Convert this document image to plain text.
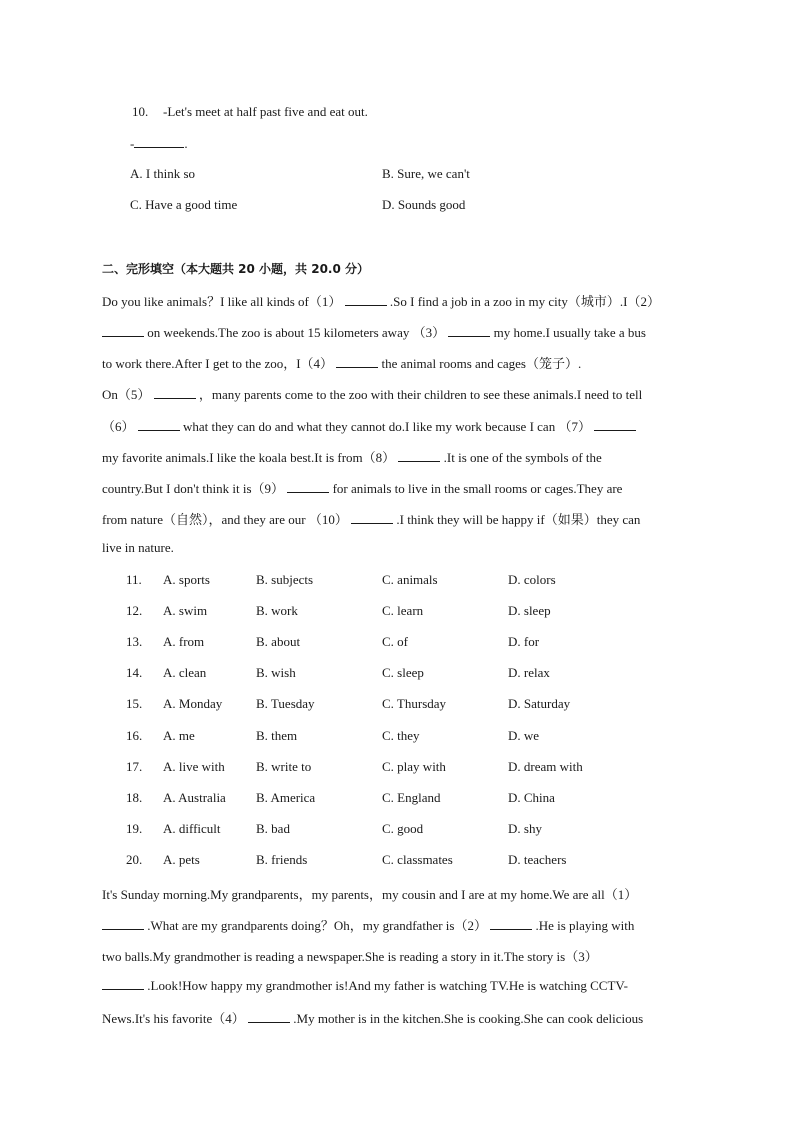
10. -Let's meet at half past five and eat out.
-	.
A. I think so	B. Sure, we can't
C. Have a good time	D. Sounds good
二、完形填空（本大题共 20 小题，共 20.0 分）
Do you like animals？I like all kinds of（1）	.So I find a job in a zoo in my city（城市）.I（2）
on weekends.The zoo is about 15 kilometers away （3）	my home.I usually take a bus
to work there.After I get to the zoo，I（4）	the animal rooms and cages（笼子）.
On（5）	，many parents come to the zoo with their children to see these animals.I need to tell
（6）	what they can do and what they cannot do.I like my work because I can （7）
my favorite animals.I like the koala best.It is from（8）	.It is one of the symbols of the
country.But I don't think it is（9）	for animals to live in the small rooms or cages.They are
from nature（自然），and they are our （10）	.I think they will be happy if（如果）they can
live in nature.
11. A. sports	B. subjects	C. animals	D. colors
12. A. swim	B. work	C. learn	D. sleep
13. A. from	B. about	C. of	D. for
14. A. clean	B. wish	C. sleep	D. relax
15. A. Monday	B. Tuesday	C. Thursday	D. Saturday
16. A. me	B. them	C. they	D. we
17. A. live with B. write to	C. play with	D. dream with
18. A. Australia B. America	C. England	D. China
19. A. difficult	B. bad	C. good	D. shy
20. A. pets	B. friends	C. classmates	D. teachers
It's Sunday morning.My grandparents，my parents，my cousin and I are at my home.We are all（1）
.What are my grandparents doing？Oh，my grandfather is（2）	.He is playing with
two balls.My grandmother is reading a newspaper.She is reading a story in it.The story is（3）
.Look!How happy my grandmother is!And my father is watching TV.He is watching CCTV-
News.It's his favorite（4）	.My mother is in the kitchen.She is cooking.She can cook delicious
